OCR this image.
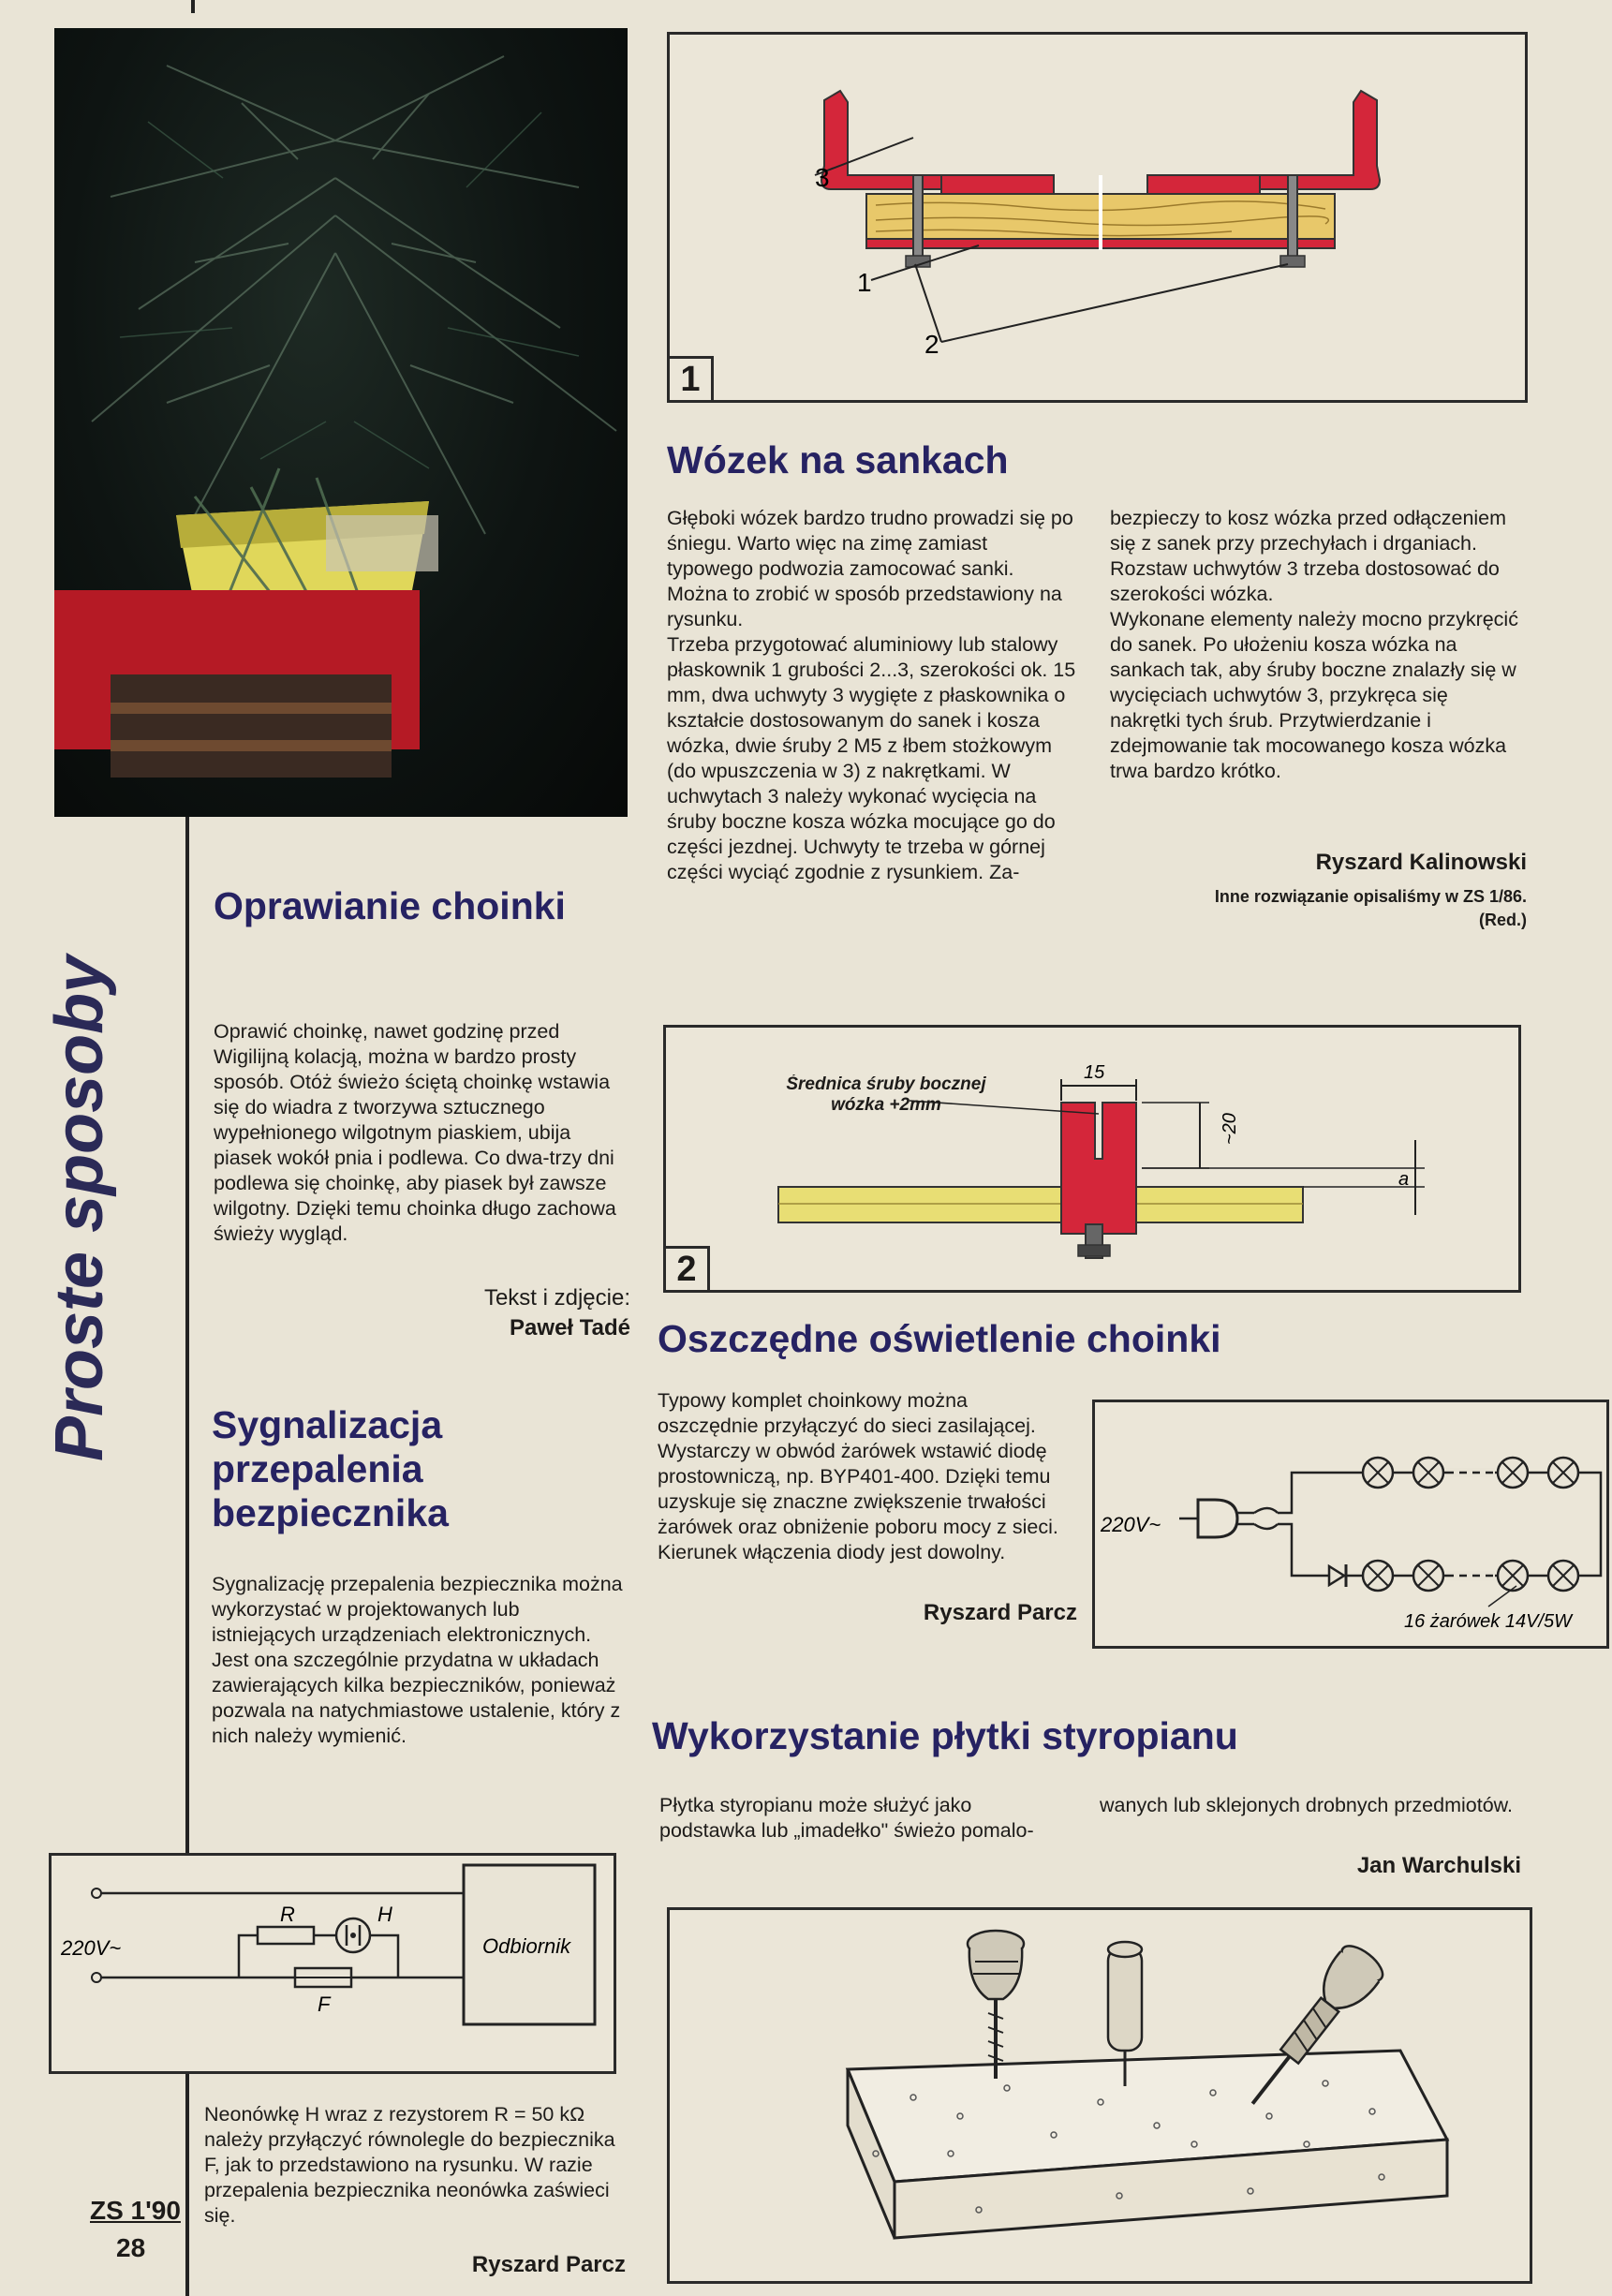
Proste sposoby
3
1
2
1
Wózek na sankach
Głęboki wózek bardzo trudno prowadzi się po śniegu. Warto więc na zimę zamiast typowego podwozia zamocować sanki. Można to zrobić w sposób przedstawiony na rysunku.
Trzeba przygotować aluminiowy lub stalowy płaskownik 1 grubości 2...3, szerokości ok. 15 mm, dwa uchwyty 3 wygięte z płaskownika o kształcie dostosowanym do sanek i kosza wózka, dwie śruby 2 M5 z łbem stożkowym (do wpuszczenia w 3) z nakrętkami. W uchwytach 3 należy wykonać wycięcia na śruby boczne kosza wózka mocujące go do części jezdnej. Uchwyty te trzeba w górnej części wyciąć zgodnie z rysunkiem. Za-
bezpieczy to kosz wózka przed odłączeniem się z sanek przy przechyłach i drganiach. Rozstaw uchwytów 3 trzeba dostosować do szerokości wózka.
Wykonane elementy należy mocno przykręcić do sanek. Po ułożeniu kosza wózka na sankach tak, aby śruby boczne znalazły się w wycięciach uchwytów 3, przykręca się nakrętki tych śrub. Przytwierdzanie i zdejmowanie tak mocowanego kosza wózka trwa bardzo krótko.
Ryszard Kalinowski
Inne rozwiązanie opisaliśmy w ZS 1/86.
(Red.)
15
~20
a
Średnica śruby bocznej wózka +2mm
2
Oprawianie choinki
Oprawić choinkę, nawet godzinę przed Wigilijną kolacją, można w bardzo prosty sposób. Otóż świeżo ściętą choinkę wstawia się do wiadra z tworzywa sztucznego wypełnionego wilgotnym piaskiem, ubija piasek wokół pnia i podlewa. Co dwa-trzy dni podlewa się choinkę, aby piasek był zawsze wilgotny. Dzięki temu choinka długo zachowa świeży wygląd.
Tekst i zdjęcie:
Paweł Tadé Oszczędne oświetlenie choinki
Typowy komplet choinkowy można oszczędnie przyłączyć do sieci zasilającej. Wystarczy w obwód żarówek wstawić diodę prostowniczą, np. BYP401-400. Dzięki temu uzyskuje się znaczne zwiększenie trwałości żarówek oraz obniżenie poboru mocy z sieci. Kierunek włączenia diody jest dowolny.
Ryszard Parcz
220V~
16 żarówek 14V/5W
Sygnalizacja przepalenia bezpiecznika
Sygnalizację przepalenia bezpiecznika można wykorzystać w projektowanych lub istniejących urządzeniach elektronicznych. Jest ona szczególnie przydatna w układach zawierających kilka bezpieczników, ponieważ pozwala na natychmiastowe ustalenie, który z nich należy wymienić.
220V~
R	H
F
Odbiornik
Neonówkę H wraz z rezystorem R = 50 kΩ należy przyłączyć równolegle do bezpiecznika F, jak to przedstawiono na rysunku. W razie przepalenia bezpiecznika neonówka zaświeci się.
Ryszard Parcz
Wykorzystanie płytki styropianu
Płytka styropianu może służyć jako podstawka lub „imadełko" świeżo pomalo-
wanych lub sklejonych drobnych przedmiotów.
Jan Warchulski
ZS 1'90
28
